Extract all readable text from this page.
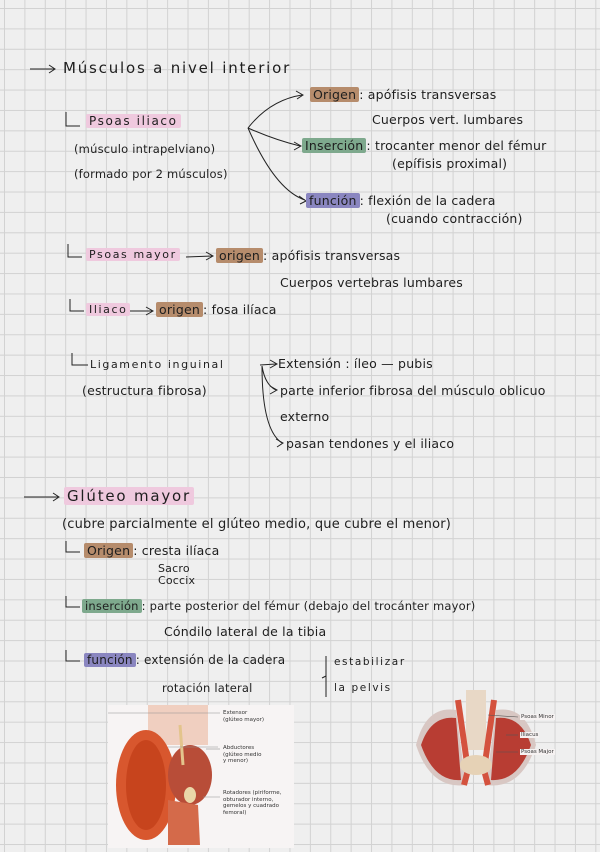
Músculos a nivel interior
Psoas iliaco
(músculo intrapelviano)
(formado por 2 músculos)
Origen : apófisis transversas
Cuerpos vert. lumbares
Inserción : trocanter menor del fémur
(epífisis proximal)
función : flexión de la cadera
(cuando contracción)
Psoas mayor	origen : apófisis transversas
Cuerpos vertebras lumbares
Iliaco	origen : fosa ilíaca
Ligamento inguinal
(estructura fibrosa)
Extensión : íleo — pubis
parte inferior fibrosa del músculo oblicuo
externo
pasan tendones y el iliaco
Glúteo mayor
(cubre parcialmente el glúteo medio, que cubre el menor)
Origen : cresta ilíaca
Sacro
Coccix
inserción : parte posterior del fémur (debajo del trocánter mayor)
Cóndilo lateral de la tibia
función : extensión de la cadera
rotación lateral
estabilizar
la pelvis
Extensor
(glúteo mayor)
Abductores
(glúteo medio
y menor)
Rotadores (piriforme,
obturador interno,
gemelos y cuadrado
femoral)
Psoas Minor
Iliacus
Psoas Major
